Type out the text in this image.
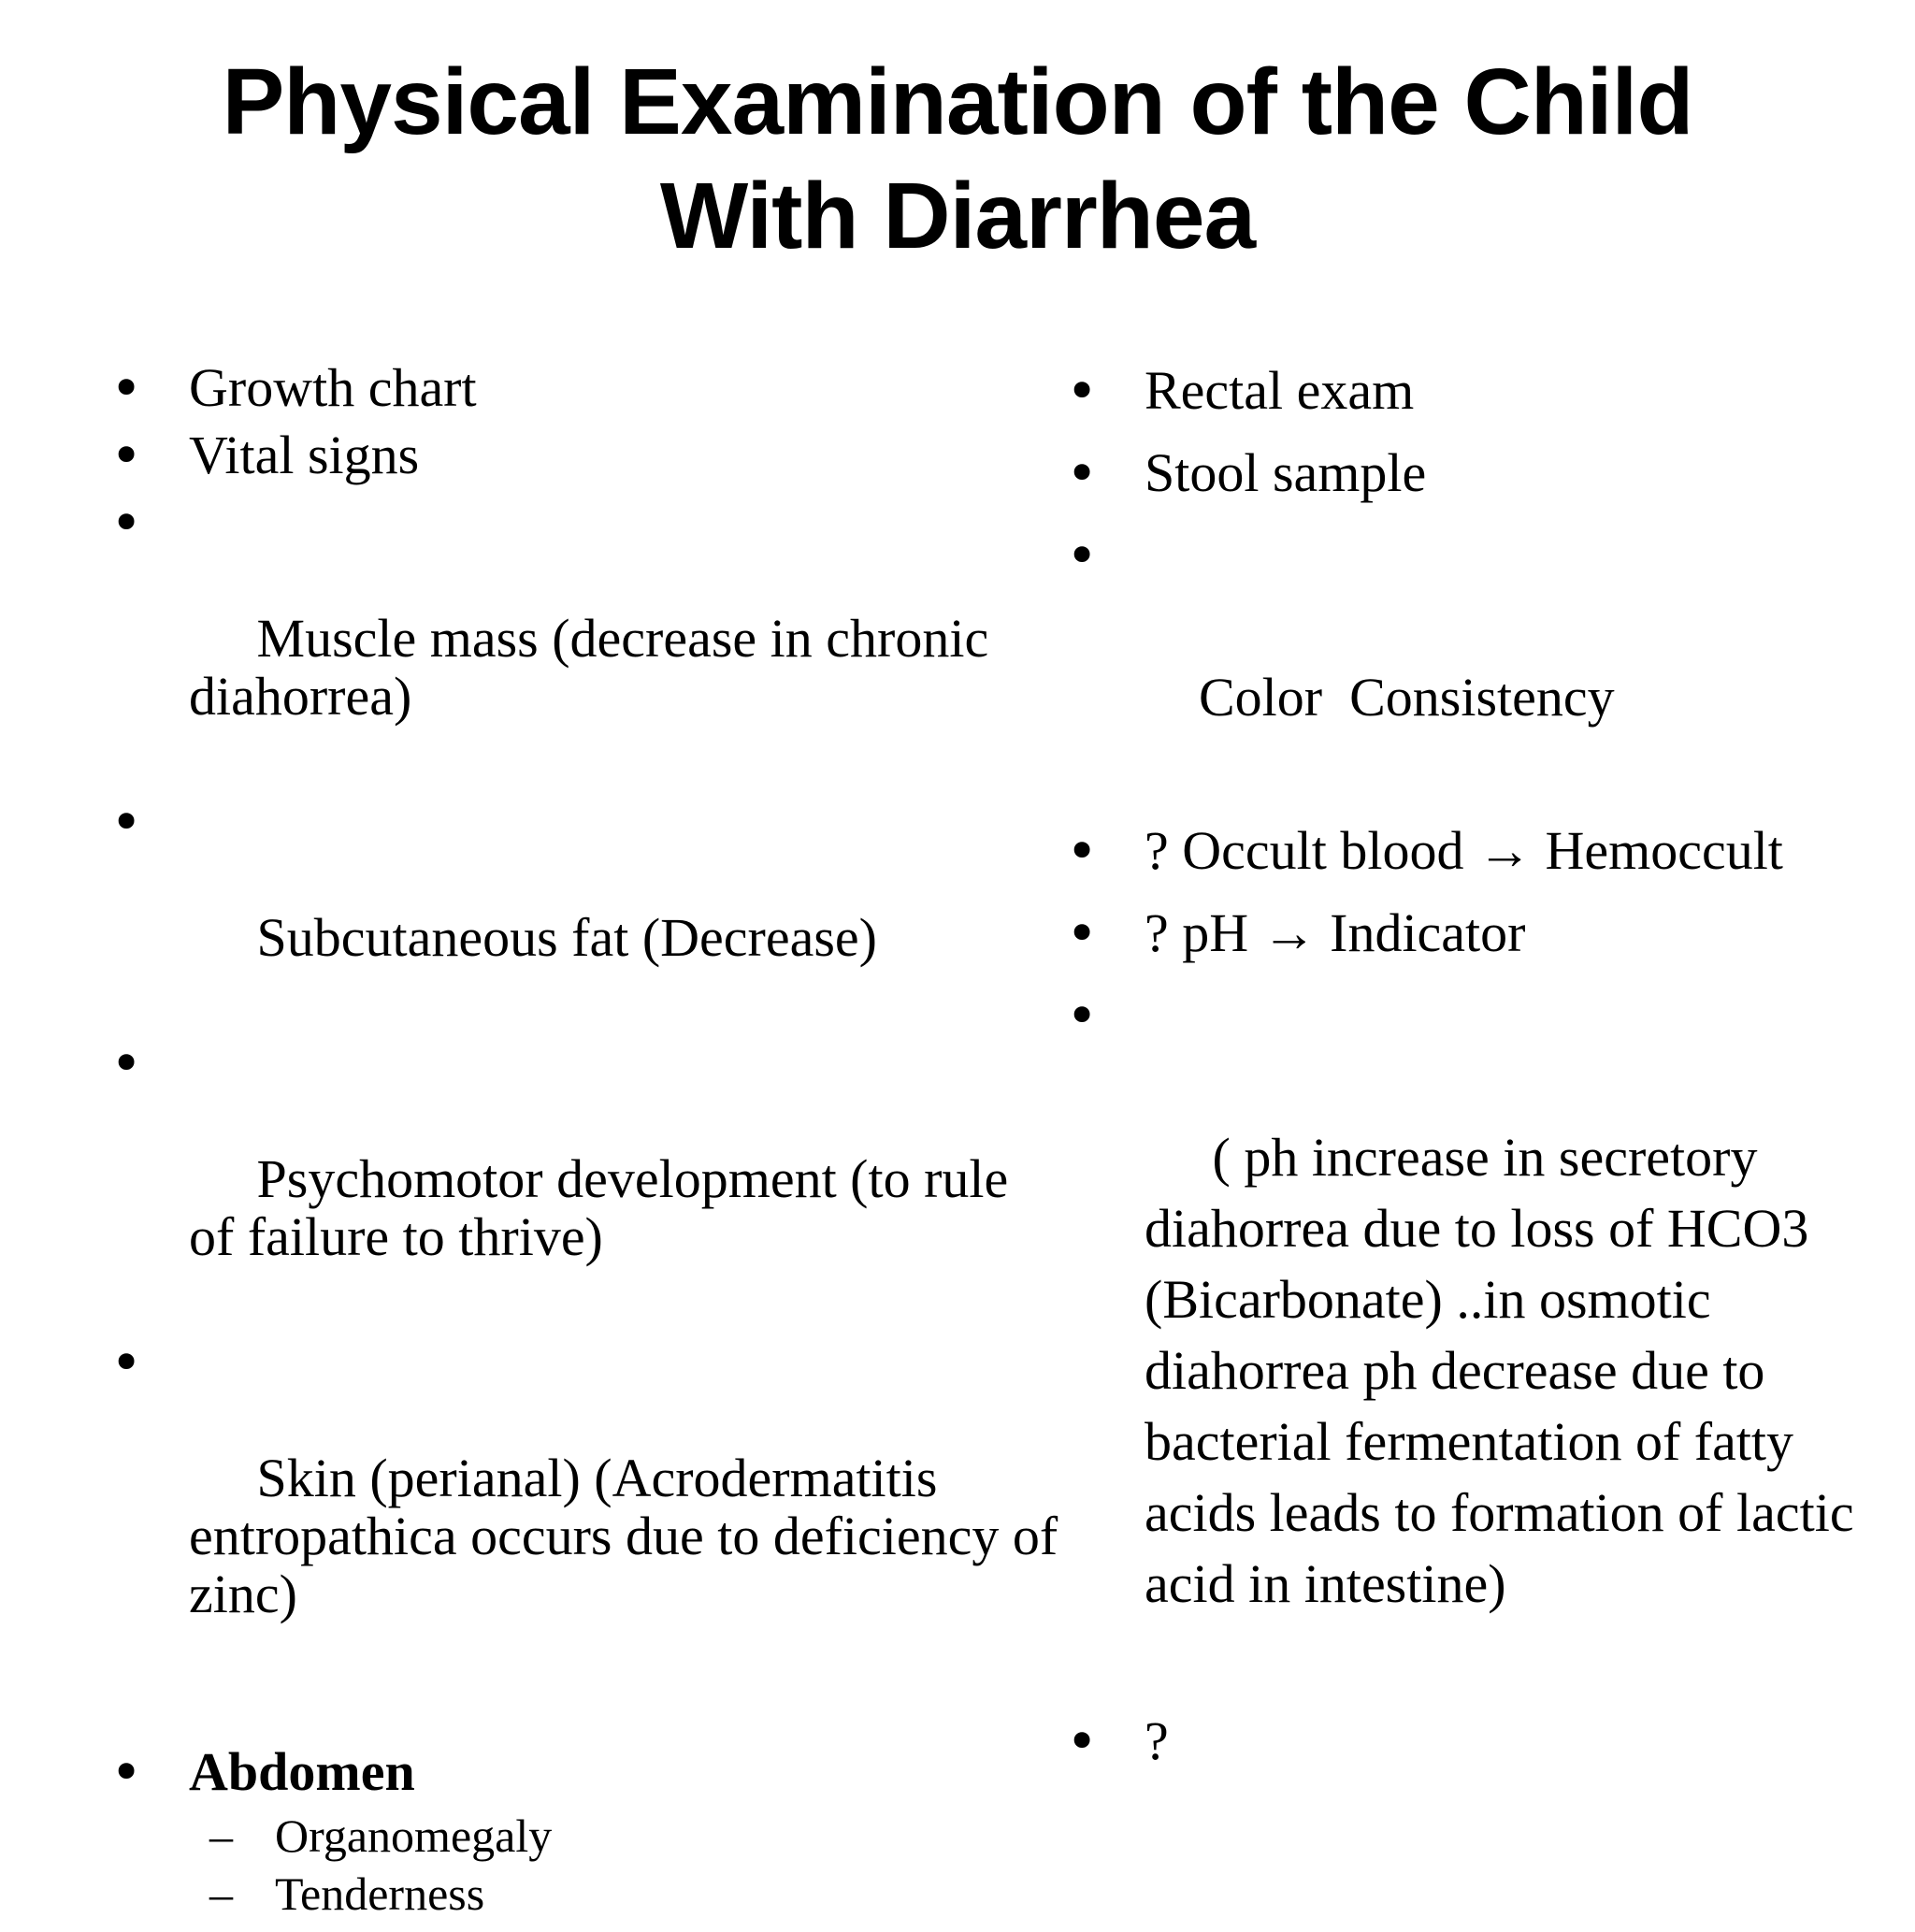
Physical Examination of the Child
With Diarrhea
• Growth chart
• Vital signs

•

Muscle mass (decrease in chronic diahorrea)

•

Subcutaneous fat (Decrease)

•

Psychomotor development (to rule of failure to thrive)

•

Skin (perianal) (Acrodermatitis entropathica occurs due to deficiency of zinc)

• Abdomen
– Organomegaly
– Tenderness
• Rectal exam
• Stool sample

•

Color  Consistency

• ? Occult blood → Hemoccult
• ? pH → Indicator

•

( ph increase in secretory diahorrea due to loss of HCO3 (Bicarbonate) ..in osmotic diahorrea ph decrease due to bacterial fermentation of fatty acids leads to formation of lactic acid in intestine)

• ?
